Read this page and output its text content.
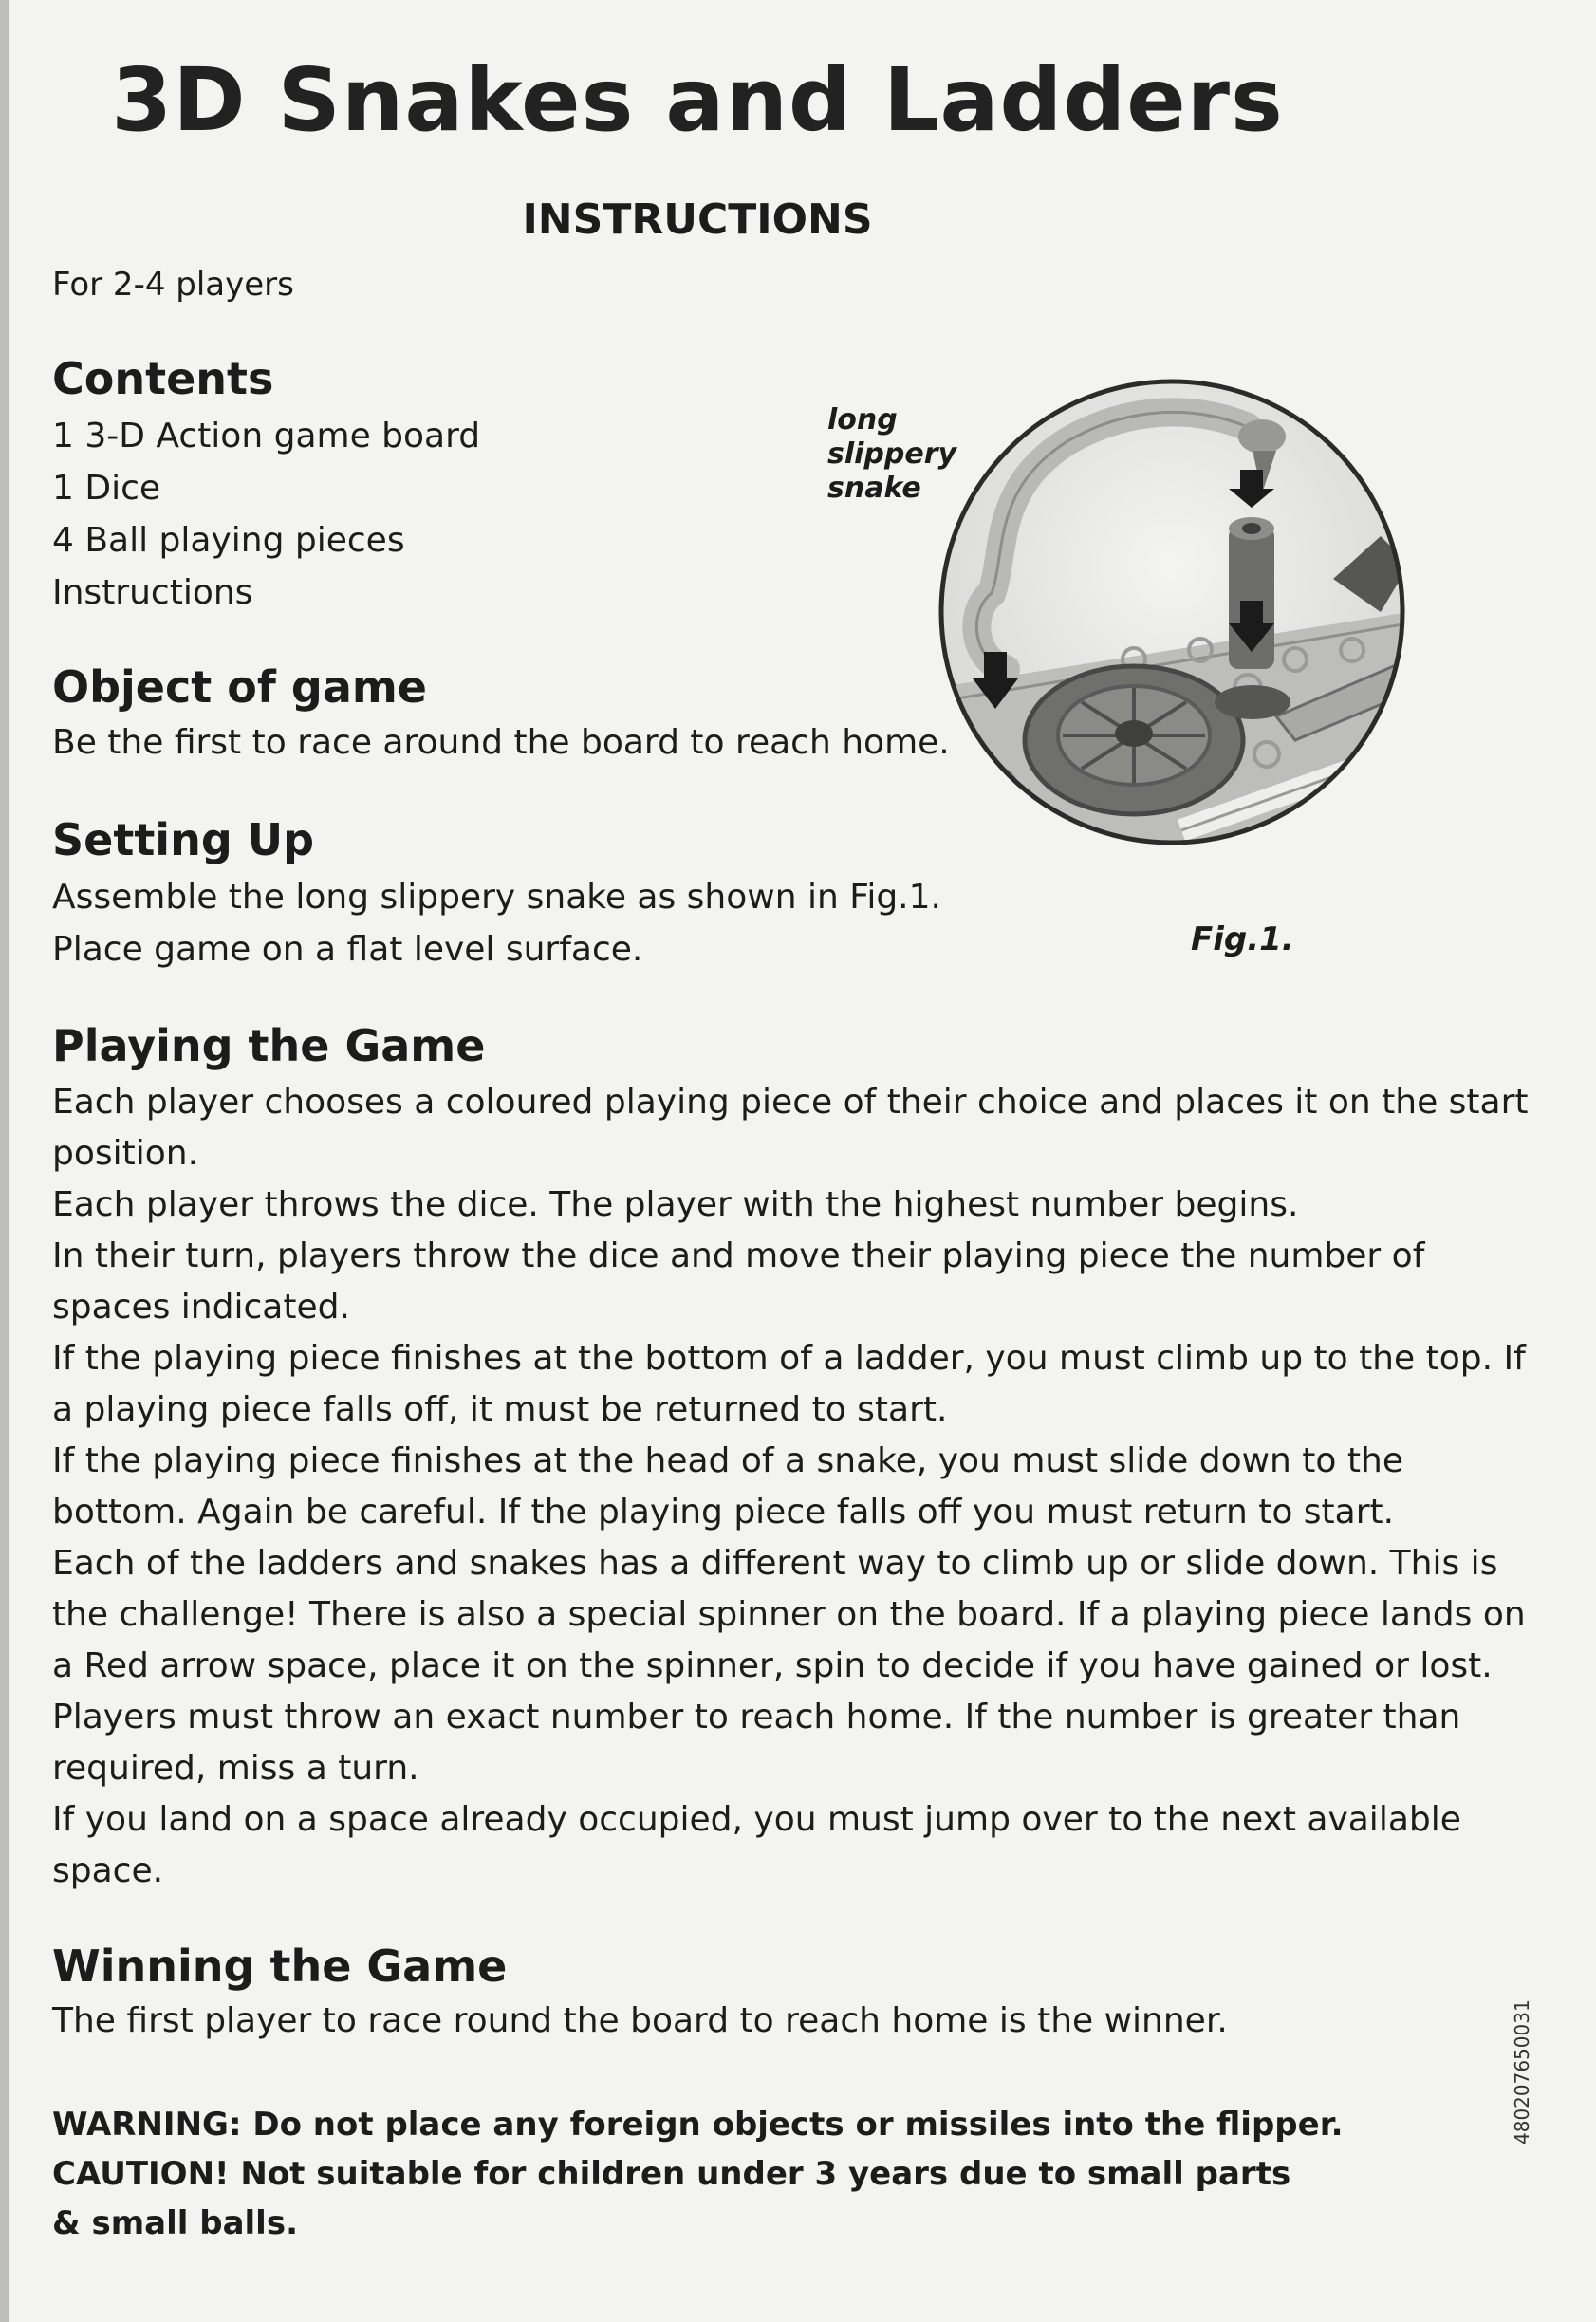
3D Snakes and Ladders
INSTRUCTIONS
For 2-4 players
Contents
1 3-D Action game board
1 Dice
4 Ball playing pieces
Instructions
Object of game
Be the first to race around the board to reach home.
Setting Up
Assemble the long slippery snake as shown in Fig.1.
Place game on a flat level surface.
long
slippery
snake
Fig.1.
Playing the Game

Each player chooses a coloured playing piece of their choice and places it on the start position.

Each player throws the dice. The player with the highest number begins.

In their turn, players throw the dice and move their playing piece the number of spaces indicated.

If the playing piece finishes at the bottom of a ladder, you must climb up to the top. If a playing piece falls off, it must be returned to start.

If the playing piece finishes at the head of a snake, you must slide down to the bottom. Again be careful. If the playing piece falls off you must return to start.

Each of the ladders and snakes has a different way to climb up or slide down. This is the challenge! There is also a special spinner on the board. If a playing piece lands on a Red arrow space, place it on the spinner, spin to decide if you have gained or lost.

Players must throw an exact number to reach home. If the number is greater than required, miss a turn.

If you land on a space already occupied, you must jump over to the next available space.

Winning the Game
The first player to race round the board to reach home is the winner.
WARNING: Do not place any foreign objects or missiles into the flipper.
CAUTION! Not suitable for children under 3 years due to small parts
& small balls.
480207650031
